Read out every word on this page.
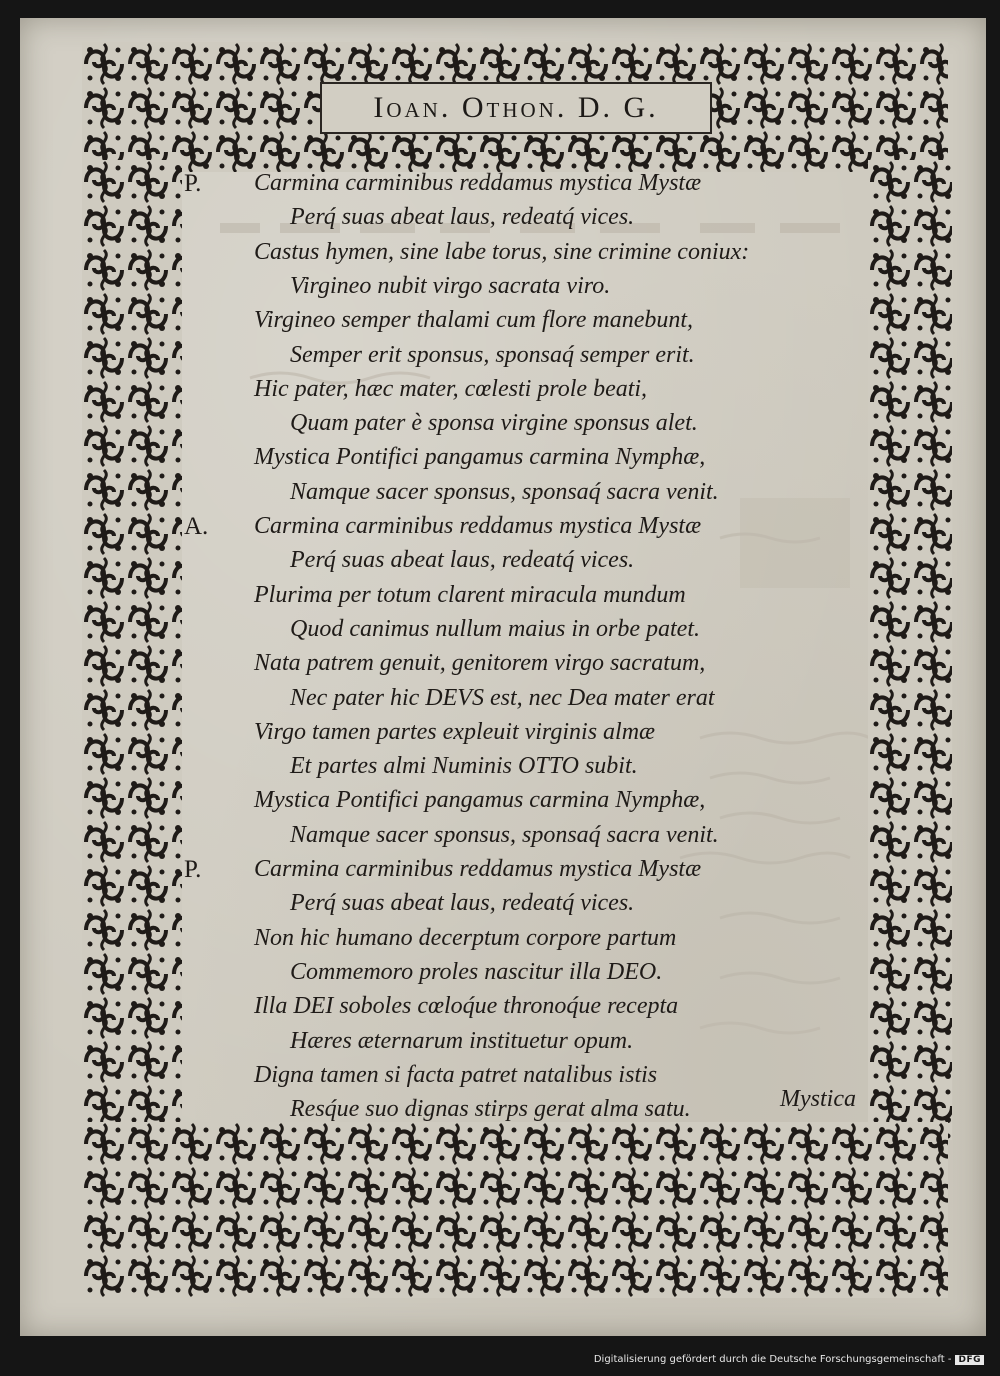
Ioan. Othon. D. G.
P. Carmina carminibus reddamus mystica Mystæ
Perq́ suas abeat laus, redeatq́ vices.
Castus hymen, sine labe torus, sine crimine coniux:
Virgineo nubit virgo sacrata viro.
Virgineo semper thalami cum flore manebunt,
Semper erit sponsus, sponsaq́ semper erit.
Hic pater, hæc mater, cœlesti prole beati,
Quam pater è sponsa virgine sponsus alet.
Mystica Pontifici pangamus carmina Nymphæ,
Namque sacer sponsus, sponsaq́ sacra venit.
A. Carmina carminibus reddamus mystica Mystæ
Perq́ suas abeat laus, redeatq́ vices.
Plurima per totum clarent miracula mundum
Quod canimus nullum maius in orbe patet.
Nata patrem genuit, genitorem virgo sacratum,
Nec pater hic DEVS est, nec Dea mater erat
Virgo tamen partes expleuit virginis almæ
Et partes almi Numinis OTTO subit.
Mystica Pontifici pangamus carmina Nymphæ,
Namque sacer sponsus, sponsaq́ sacra venit.
P. Carmina carminibus reddamus mystica Mystæ
Perq́ suas abeat laus, redeatq́ vices.
Non hic humano decerptum corpore partum
Commemoro proles nascitur illa DEO.
Illa DEI soboles cœloq́ue thronoq́ue recepta
Hæres æternarum instituetur opum.
Digna tamen si facta patret natalibus istis
Resq́ue suo dignas stirps gerat alma satu.	Mystica
Digitalisierung gefördert durch die Deutsche Forschungsgemeinschaft - DFG
